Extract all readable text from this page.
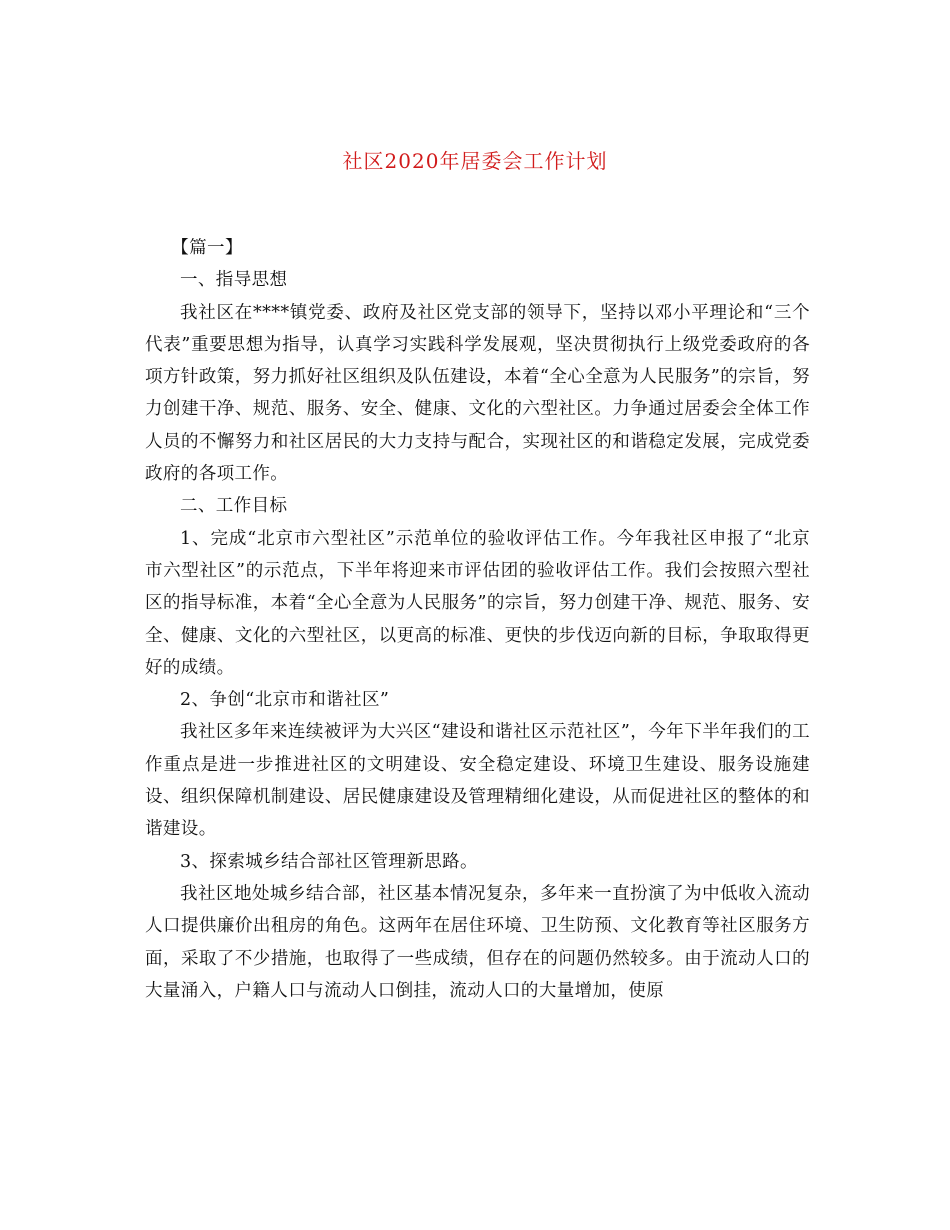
社区2020年居委会工作计划

【篇一】

一、指导思想

我社区在****镇党委、政府及社区党支部的领导下，坚持以邓小平理论和“三个代表”重要思想为指导，认真学习实践科学发展观，坚决贯彻执行上级党委政府的各项方针政策，努力抓好社区组织及队伍建设，本着“全心全意为人民服务”的宗旨，努力创建干净、规范、服务、安全、健康、文化的六型社区。力争通过居委会全体工作人员的不懈努力和社区居民的大力支持与配合，实现社区的和谐稳定发展，完成党委政府的各项工作。

二、工作目标

1、完成“北京市六型社区”示范单位的验收评估工作。今年我社区申报了“北京市六型社区”的示范点，下半年将迎来市评估团的验收评估工作。我们会按照六型社区的指导标准，本着“全心全意为人民服务”的宗旨，努力创建干净、规范、服务、安全、健康、文化的六型社区，以更高的标准、更快的步伐迈向新的目标，争取取得更好的成绩。

2、争创“北京市和谐社区”

我社区多年来连续被评为大兴区“建设和谐社区示范社区”，今年下半年我们的工作重点是进一步推进社区的文明建设、安全稳定建设、环境卫生建设、服务设施建设、组织保障机制建设、居民健康建设及管理精细化建设，从而促进社区的整体的和谐建设。

3、探索城乡结合部社区管理新思路。

我社区地处城乡结合部，社区基本情况复杂，多年来一直扮演了为中低收入流动人口提供廉价出租房的角色。这两年在居住环境、卫生防预、文化教育等社区服务方面，采取了不少措施，也取得了一些成绩，但存在的问题仍然较多。由于流动人口的大量涌入，户籍人口与流动人口倒挂，流动人口的大量增加，使原
